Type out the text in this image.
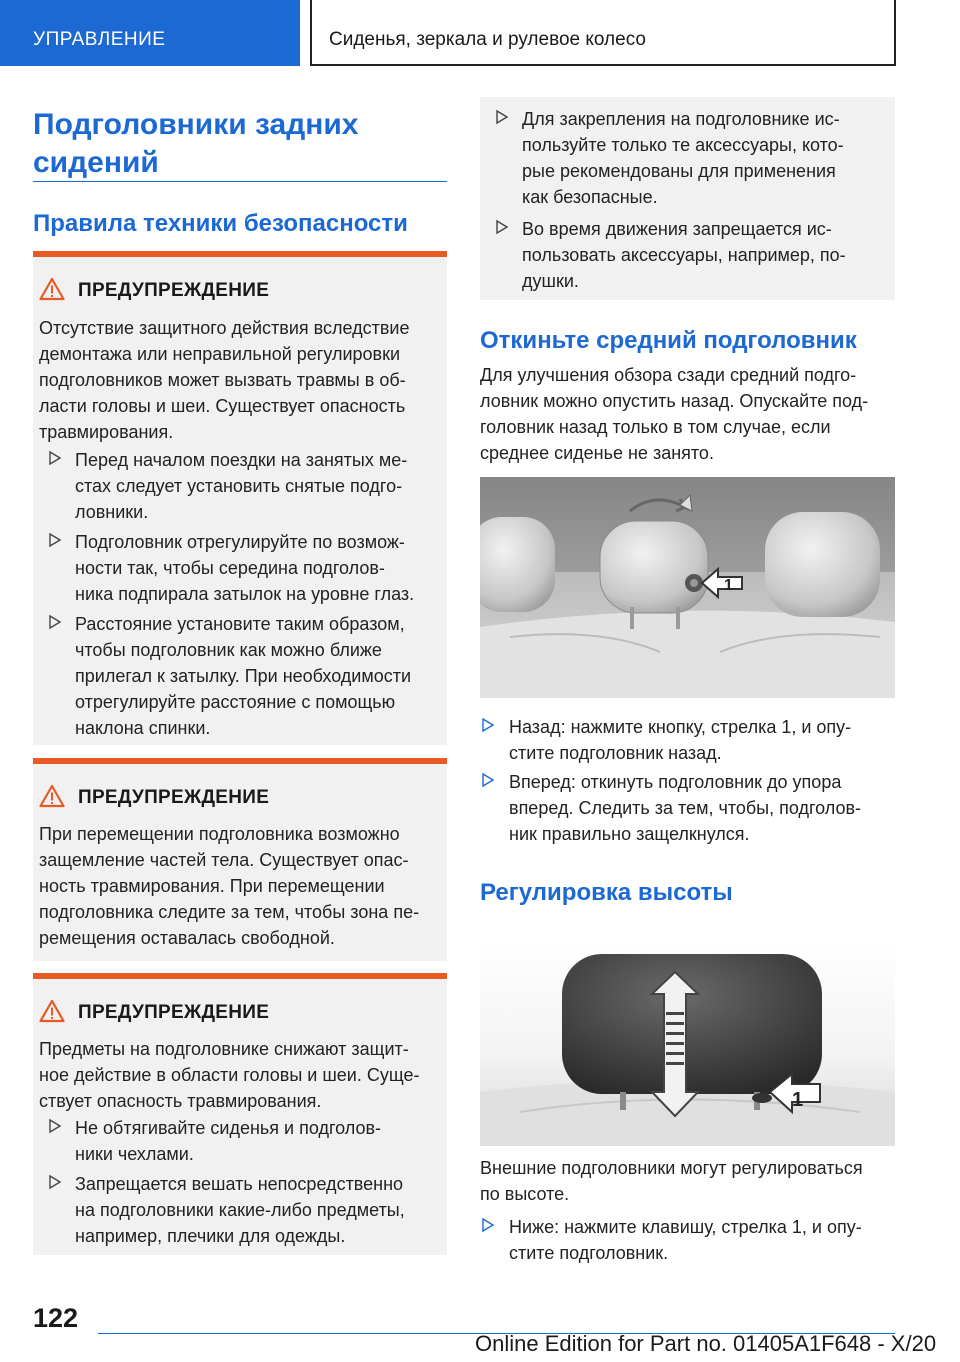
УПРАВЛЕНИЕ	Сиденья, зеркала и рулевое колесо
Подголовники задних
сидений
Правила техники безопасности
ПРЕДУПРЕЖДЕНИЕ
Отсутствие защитного действия вследствие
демонтажа или неправильной регулировки
подголовников может вызвать травмы в об-
ласти головы и шеи. Существует опасность
травмирования.
Перед началом поездки на занятых ме-
стах следует установить снятые подго-
ловники.
Подголовник отрегулируйте по возмож-
ности так, чтобы середина подголов-
ника подпирала затылок на уровне глаз.
Расстояние установите таким образом,
чтобы подголовник как можно ближе
прилегал к затылку. При необходимости
отрегулируйте расстояние с помощью
наклона спинки.
ПРЕДУПРЕЖДЕНИЕ
При перемещении подголовника возможно
защемление частей тела. Существует опас-
ность травмирования. При перемещении
подголовника следите за тем, чтобы зона пе-
ремещения оставалась свободной.
ПРЕДУПРЕЖДЕНИЕ
Предметы на подголовнике снижают защит-
ное действие в области головы и шеи. Суще-
ствует опасность травмирования.
Не обтягивайте сиденья и подголов-
ники чехлами.
Запрещается вешать непосредственно
на подголовники какие-либо предметы,
например, плечики для одежды.
Для закрепления на подголовнике ис-
пользуйте только те аксессуары, кото-
рые рекомендованы для применения
как безопасные.
Во время движения запрещается ис-
пользовать аксессуары, например, по-
душки.
Откиньте средний подголовник
Для улучшения обзора сзади средний подго-
ловник можно опустить назад. Опускайте под-
головник назад только в том случае, если
среднее сиденье не занято.
1
Назад: нажмите кнопку, стрелка 1, и опу-
стите подголовник назад.
Вперед: откинуть подголовник до упора
вперед. Следить за тем, чтобы, подголов-
ник правильно защелкнулся.
Регулировка высоты
1
Внешние подголовники могут регулироваться
по высоте.
Ниже: нажмите клавишу, стрелка 1, и опу-
стите подголовник.
122
Online Edition for Part no. 01405A1F648 - X/20
